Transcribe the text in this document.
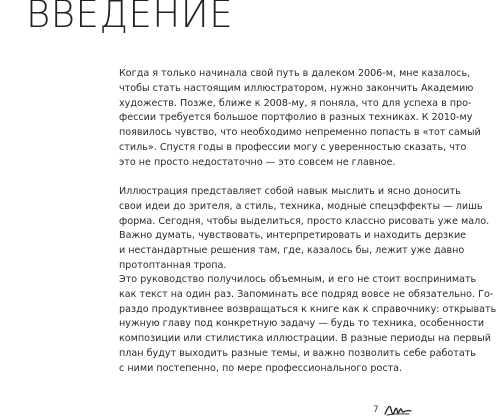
ВВЕДЕНИЕ
Когда я только начинала свой путь в далеком 2006-м, мне казалось,
чтобы стать настоящим иллюстратором, нужно закончить Академию
художеств. Позже, ближе к 2008-му, я поняла, что для успеха в про-
фессии требуется большое портфолио в разных техниках. К 2010-му
появилось чувство, что необходимо непременно попасть в «тот самый
стиль». Спустя годы в профессии могу с уверенностью сказать, что
это не просто недостаточно — это совсем не главное.
Иллюстрация представляет собой навык мыслить и ясно доносить
свои идеи до зрителя, а стиль, техника, модные спецэффекты — лишь
форма. Сегодня, чтобы выделиться, просто классно рисовать уже мало.
Важно думать, чувствовать, интерпретировать и находить дерзкие
и нестандартные решения там, где, казалось бы, лежит уже давно
протоптанная тропа.
Это руководство получилось объемным, и его не стоит воспринимать
как текст на один раз. Запоминать все подряд вовсе не обязательно. Го-
раздо продуктивнее возвращаться к книге как к справочнику: открывать
нужную главу под конкретную задачу — будь то техника, особенности
композиции или стилистика иллюстрации. В разные периоды на первый
план будут выходить разные темы, и важно позволить себе работать
с ними постепенно, по мере профессионального роста.
7
